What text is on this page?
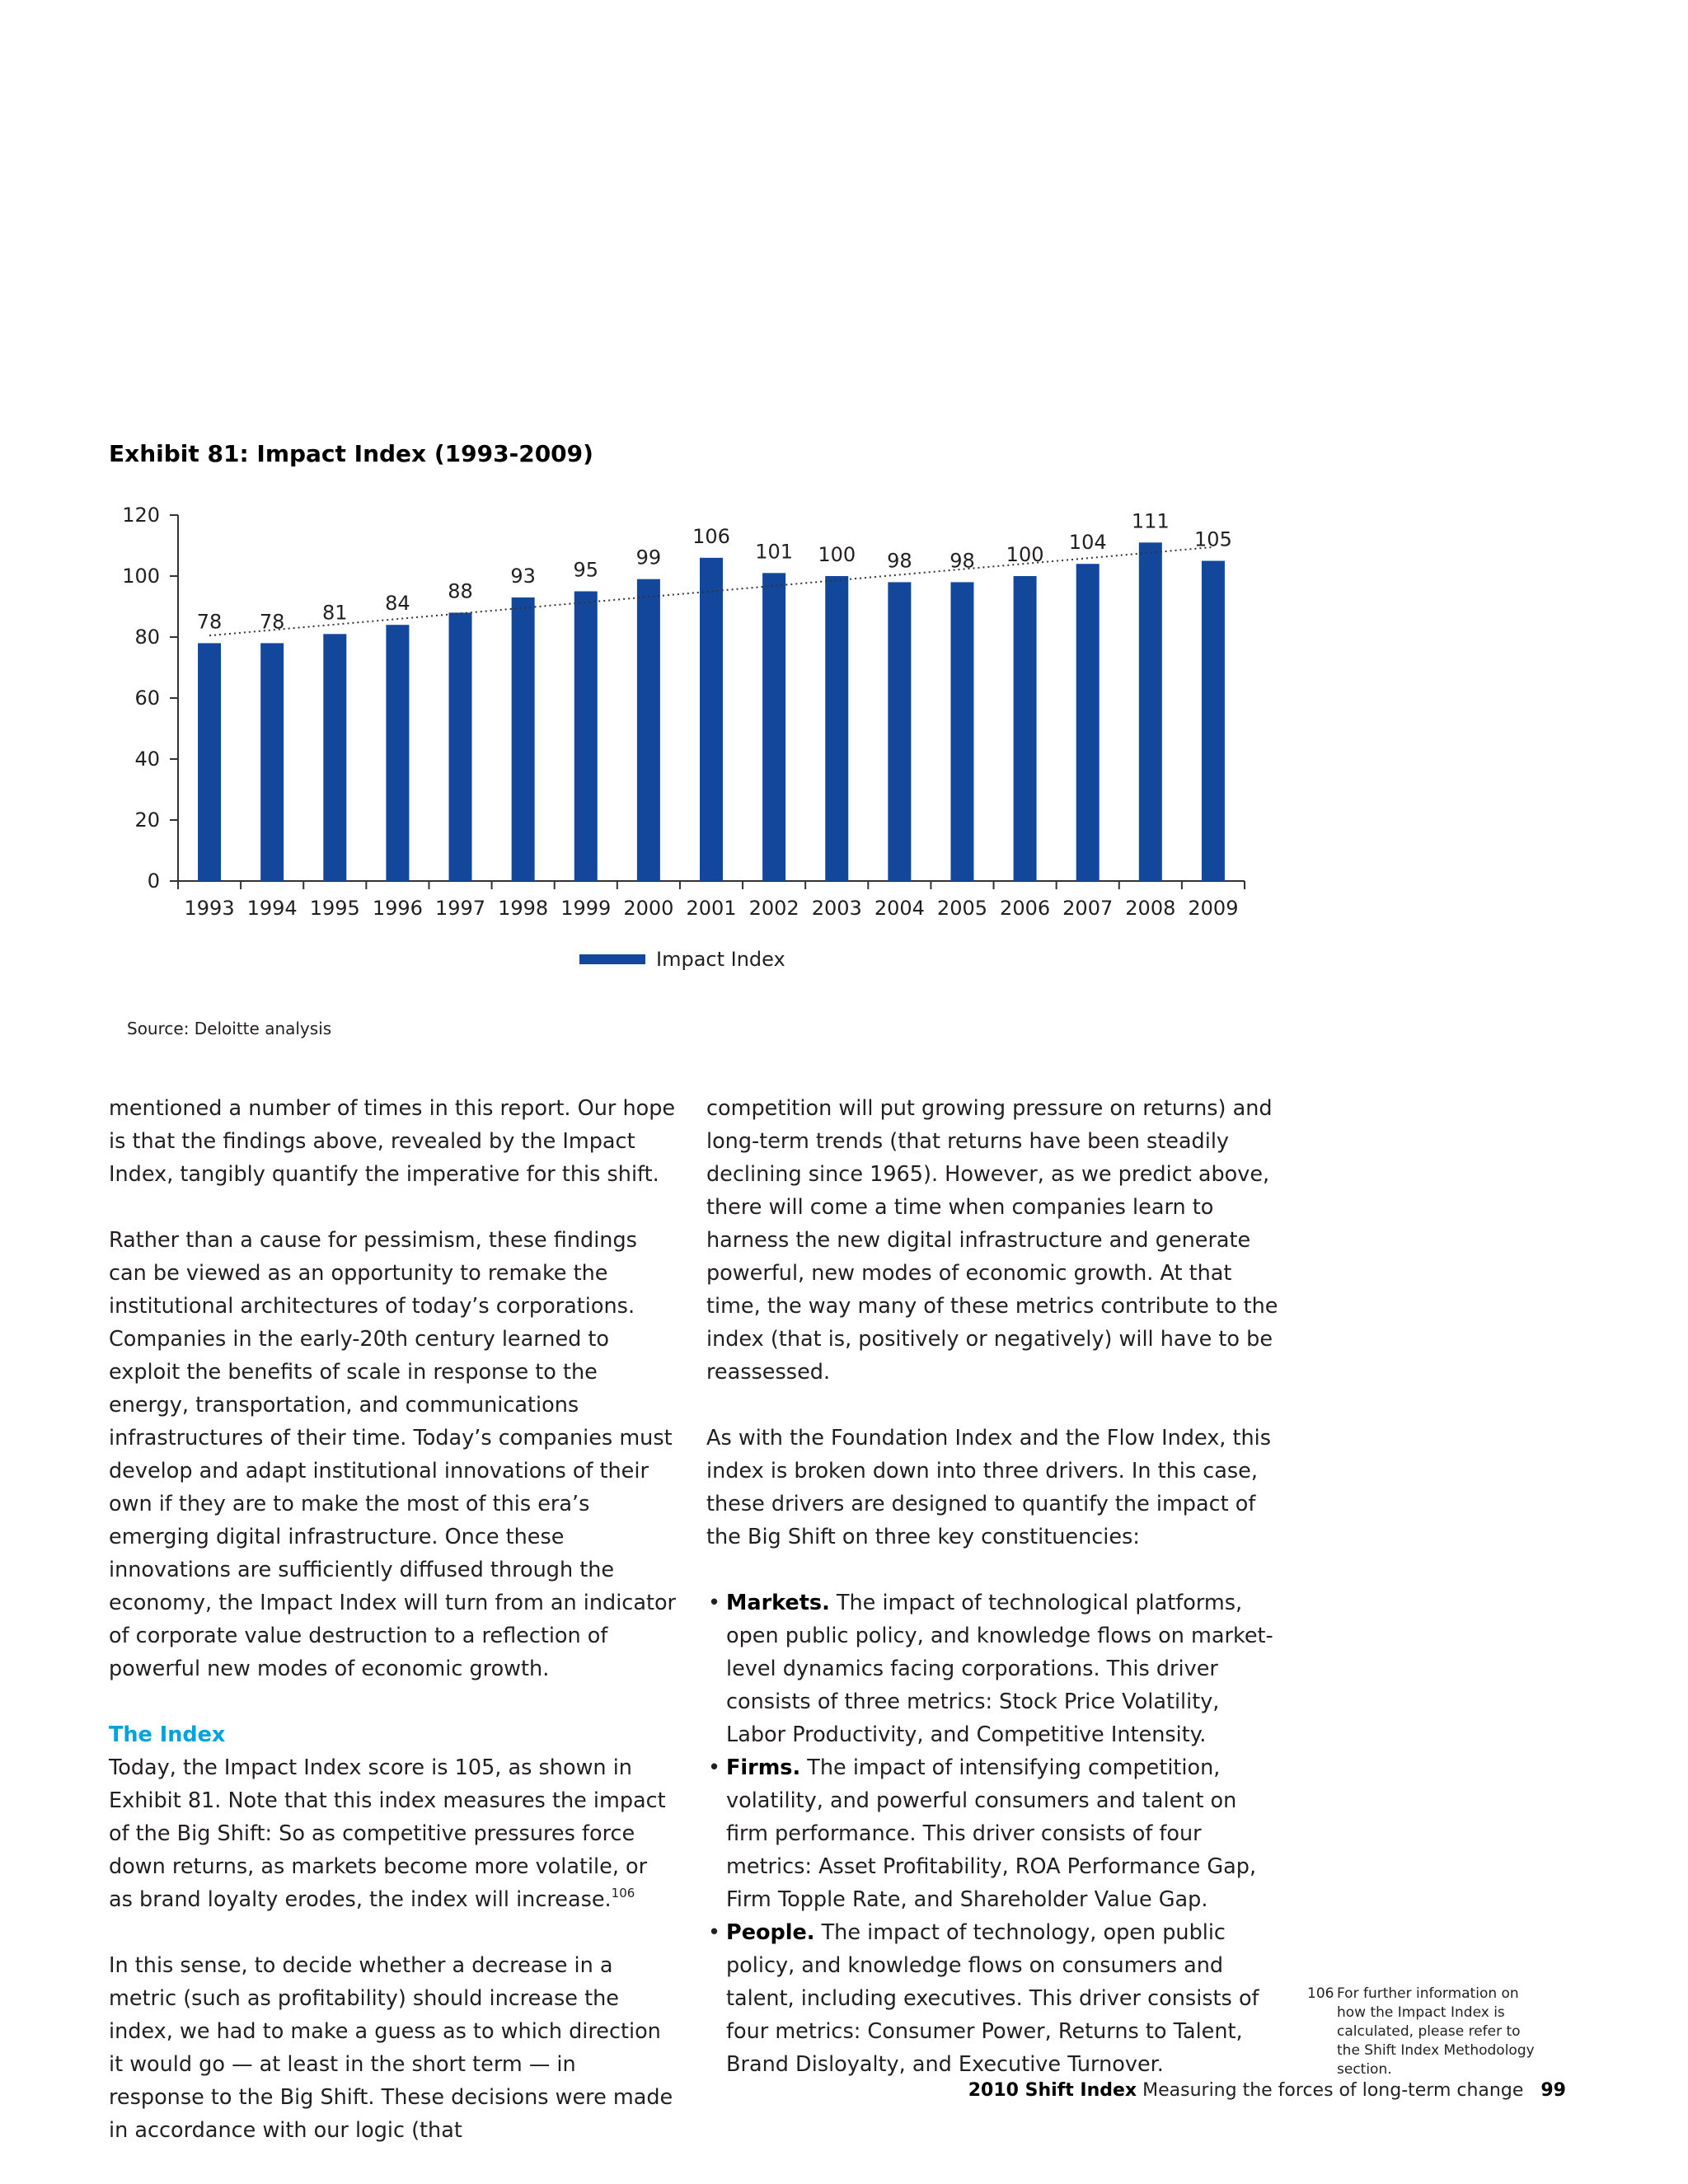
Exhibit 81: Impact Index (1993-2009)
0
20
40
60
80
100
120
78
1993
78
1994
81
1995
84
1996
88
1997
93
1998
95
1999
99
2000
106
2001
101
2002
100
2003
98
2004
98
2005
100
2006
104
2007
111
2008
105
2009
Impact Index
Source: Deloitte analysis

mentioned a number of times in this report. Our hope is that the findings above, revealed by the Impact Index, tangibly quantify the imperative for this shift.

Rather than a cause for pessimism, these findings can be viewed as an opportunity to remake the institutional architectures of today’s corporations. Companies in the early-20th century learned to exploit the benefits of scale in response to the energy, transportation, and communications infrastructures of their time. Today’s companies must develop and adapt institutional innovations of their own if they are to make the most of this era’s emerging digital infrastructure. Once these innovations are sufficiently diffused through the economy, the Impact Index will turn from an indicator of corporate value destruction to a reflection of powerful new modes of economic growth.

The Index

Today, the Impact Index score is 105, as shown in Exhibit 81. Note that this index measures the impact of the Big Shift: So as competitive pressures force down returns, as markets become more volatile, or as brand loyalty erodes, the index will increase.$^{106}$

In this sense, to decide whether a decrease in a metric (such as profitability) should increase the index, we had to make a guess as to which direction it would go — at least in the short term — in response to the Big Shift. These decisions were made in accordance with our logic (that

competition will put growing pressure on returns) and long-term trends (that returns have been steadily declining since 1965). However, as we predict above, there will come a time when companies learn to harness the new digital infrastructure and generate powerful, new modes of economic growth. At that time, the way many of these metrics contribute to the index (that is, positively or negatively) will have to be reassessed.

As with the Foundation Index and the Flow Index, this index is broken down into three drivers. In this case, these drivers are designed to quantify the impact of the Big Shift on three key constituencies:

• Markets. The impact of technological platforms, open public policy, and knowledge flows on market-level dynamics facing corporations. This driver consists of three metrics: Stock Price Volatility, Labor Productivity, and Competitive Intensity.
• Firms. The impact of intensifying competition, volatility, and powerful consumers and talent on firm performance. This driver consists of four metrics: Asset Profitability, ROA Performance Gap, Firm Topple Rate, and Shareholder Value Gap.
• People. The impact of technology, open public policy, and knowledge flows on consumers and talent, including executives. This driver consists of four metrics: Consumer Power, Returns to Talent, Brand Disloyalty, and Executive Turnover.
106 For further information on how the Impact Index is calculated, please refer to the Shift Index Methodology section.
2010 Shift Index Measuring the forces of long-term change 99
